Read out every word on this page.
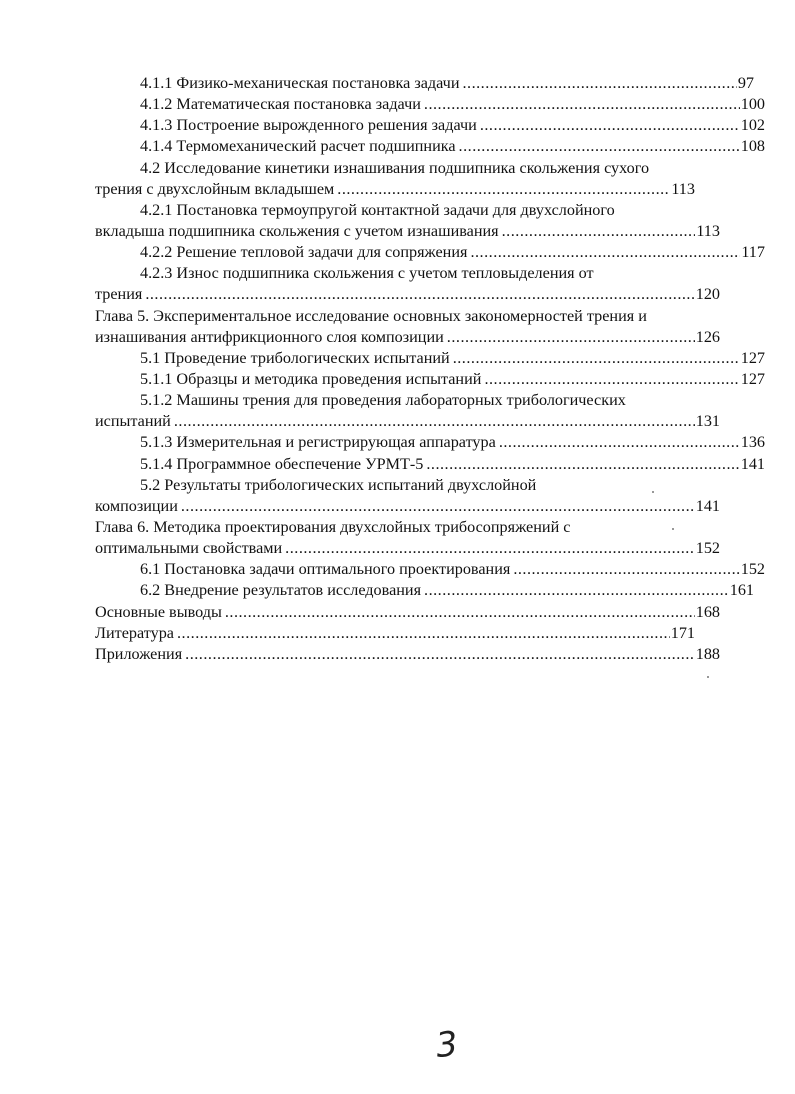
4.1.1 Физико-механическая постановка задачи .....	97
4.1.2 Математическая постановка задачи .....	100
4.1.3 Построение вырожденного решения задачи .....	102
4.1.4 Термомеханический расчет подшипника .....	108
4.2 Исследование кинетики изнашивания подшипника скольжения сухого
трения с двухслойным вкладышем .....	113
4.2.1 Постановка термоупругой контактной задачи для двухслойного
вкладыша подшипника скольжения с учетом изнашивания .....	113
4.2.2 Решение тепловой задачи для сопряжения .....	117
4.2.3 Износ подшипника скольжения с учетом тепловыделения от
трения .....	120
Глава 5. Экспериментальное исследование основных закономерностей трения и
изнашивания антифрикционного слоя композиции .....	126
5.1 Проведение трибологических испытаний .....	127
5.1.1 Образцы и методика проведения испытаний .....	127
5.1.2 Машины трения для проведения лабораторных трибологических
испытаний .....	131
5.1.3 Измерительная и регистрирующая аппаратура .....	136
5.1.4 Программное обеспечение УРМТ-5 .....	141
5.2 Результаты трибологических испытаний двухслойной
композиции .....	141
Глава 6. Методика проектирования двухслойных трибосопряжений с
оптимальными свойствами .....	152
6.1 Постановка задачи оптимального проектирования .....	152
6.2 Внедрение результатов исследования .....	161
Основные выводы .....	168
Литература .....	171
Приложения .....	188
3
